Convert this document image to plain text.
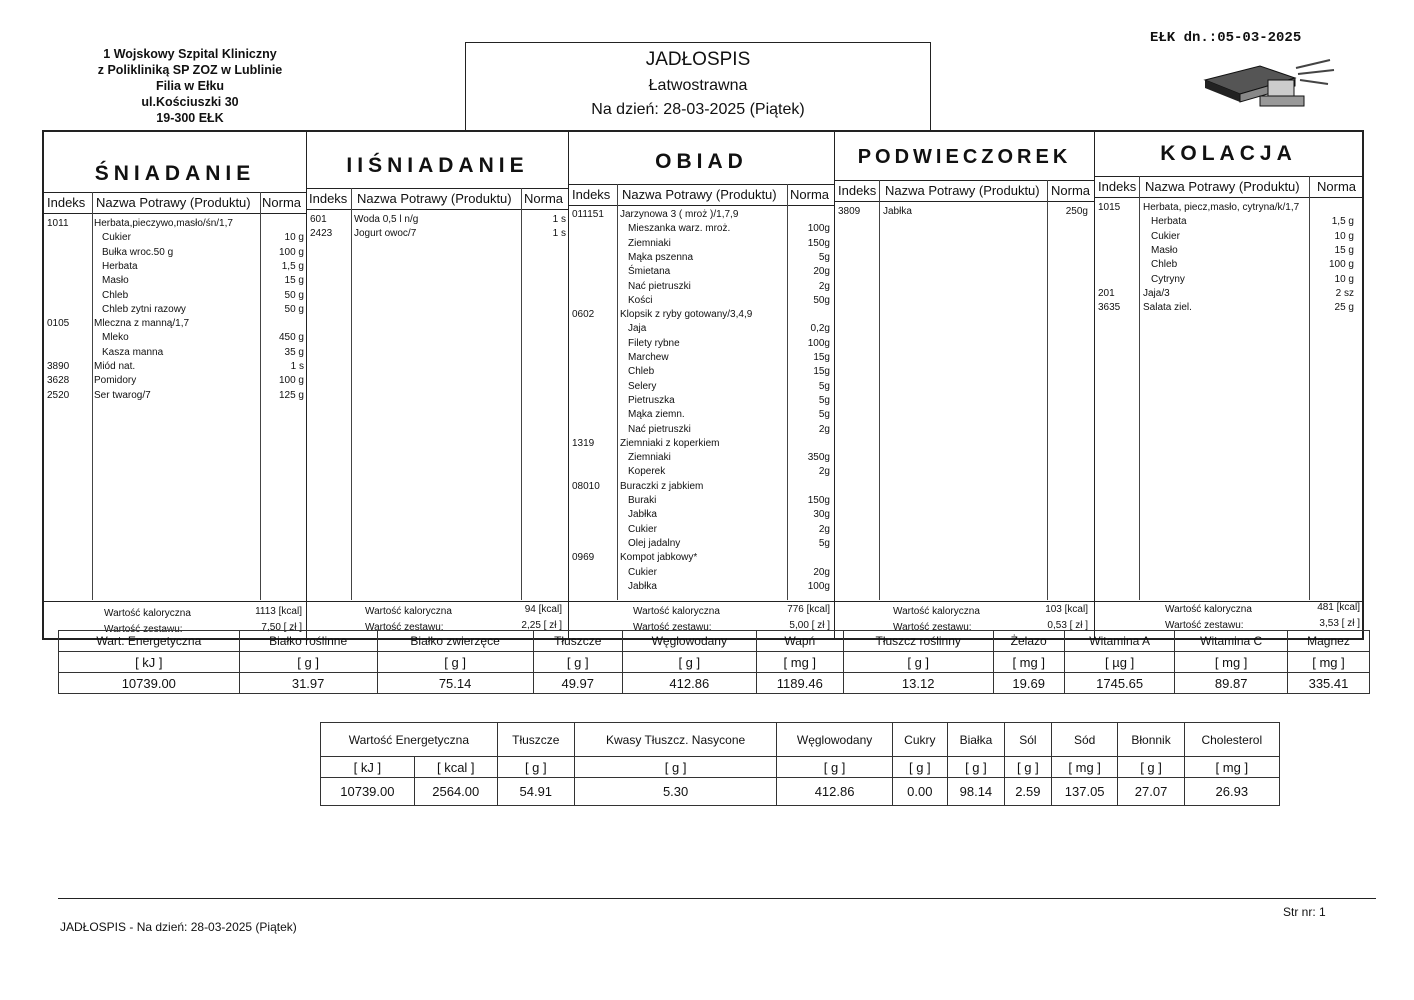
1 Wojskowy Szpital Kliniczny
z Polikliniką SP ZOZ w Lublinie
Filia w Ełku
ul.Kościuszki 30
19-300 EŁK
JADŁOSPIS
Łatwostrawna
Na dzień: 28-03-2025 (Piątek)
EŁK dn.:05-03-2025
ŚNIADANIE
Indeks Nazwa Potrawy (Produktu) Norma
1011	Herbata,pieczywo,masło/śn/1,7
Cukier	10 g
Bułka wroc.50 g	100 g
Herbata	1,5 g
Masło	15 g
Chleb	50 g
Chleb zytni razowy	50 g
0105 Mleczna z manną/1,7
Mleko	450 g
Kasza manna	35 g
3890 Miód nat.	1 s
3628 Pomidory	100 g
2520 Ser twarog/7	125 g
Wartość kaloryczna	1113 [kcal]
Wartość zestawu:	7,50 [ zł ]
IIŚNIADANIE
Indeks Nazwa Potrawy (Produktu) Norma
601	Woda 0,5 l n/g	1 s
2423 Jogurt owoc/7	1 s
Wartość kaloryczna	94 [kcal]
Wartość zestawu:	2,25 [ zł ]
OBIAD
Indeks Nazwa Potrawy (Produktu) Norma
011151 Jarzynowa 3 ( mroż )/1,7,9
Mieszanka warz. mroż.	100g
Ziemniaki	150g
Mąka pszenna	5g
Śmietana	20g
Nać pietruszki	2g
Kości	50g
0602	Klopsik z ryby gotowany/3,4,9
Jaja	0,2g
Filety rybne	100g
Marchew	15g
Chleb	15g
Selery	5g
Pietruszka	5g
Mąka ziemn.	5g
Nać pietruszki	2g
1319	Ziemniaki z koperkiem
Ziemniaki	350g
Koperek	2g
08010 Buraczki z jabkiem
Buraki	150g
Jabłka	30g
Cukier	2g
Olej jadalny	5g
0969	Kompot jabkowy*
Cukier	20g
Jabłka	100g
Wartość kaloryczna	776 [kcal]
Wartość zestawu:	5,00 [ zł ]
PODWIECZOREK
Indeks Nazwa Potrawy (Produktu) Norma
3809 Jabłka	250g
Wartość kaloryczna	103 [kcal]
Wartość zestawu:	0,53 [ zł ]
KOLACJA
Indeks Nazwa Potrawy (Produktu) Norma
1015 Herbata, piecz,masło, cytryna/k/1,7
Herbata	1,5 g
Cukier	10 g
Masło	15 g
Chleb	100 g
Cytryny	10 g
201	Jaja/3	2 sz
3635 Salata ziel.	25 g
Wartość kaloryczna	481 [kcal]
Wartość zestawu:	3,53 [ zł ]
Wart. Energetyczna	Białko roślinne	Białko zwierzęce	Tłuszcze	Węglowodany	Wapń	Tłuszcz roślinny	Żelazo	Witamina A	Witamina C	Magnez
[ kJ ]	[ g ]	[ g ]	[ g ]	[ g ]	[ mg ]	[ g ]	[ mg ]	[ µg ]	[ mg ]	[ mg ]
10739.00	31.97	75.14	49.97	412.86	1189.46	13.12	19.69	1745.65	89.87	335.41
Wartość Energetyczna		Tłuszcze	Kwasy Tłuszcz. Nasycone	Węglowodany	Cukry	Białka	Sól	Sód	Błonnik	Cholesterol
[ kJ ]	[ kcal ]	[ g ]	[ g ]	[ g ]	[ g ]	[ g ]	[ g ]	[ mg ]	[ g ]	[ mg ]
10739.00	2564.00	54.91	5.30	412.86	0.00	98.14	2.59	137.05	27.07	26.93
JADŁOSPIS - Na dzień: 28-03-2025 (Piątek)
Str nr: 1
